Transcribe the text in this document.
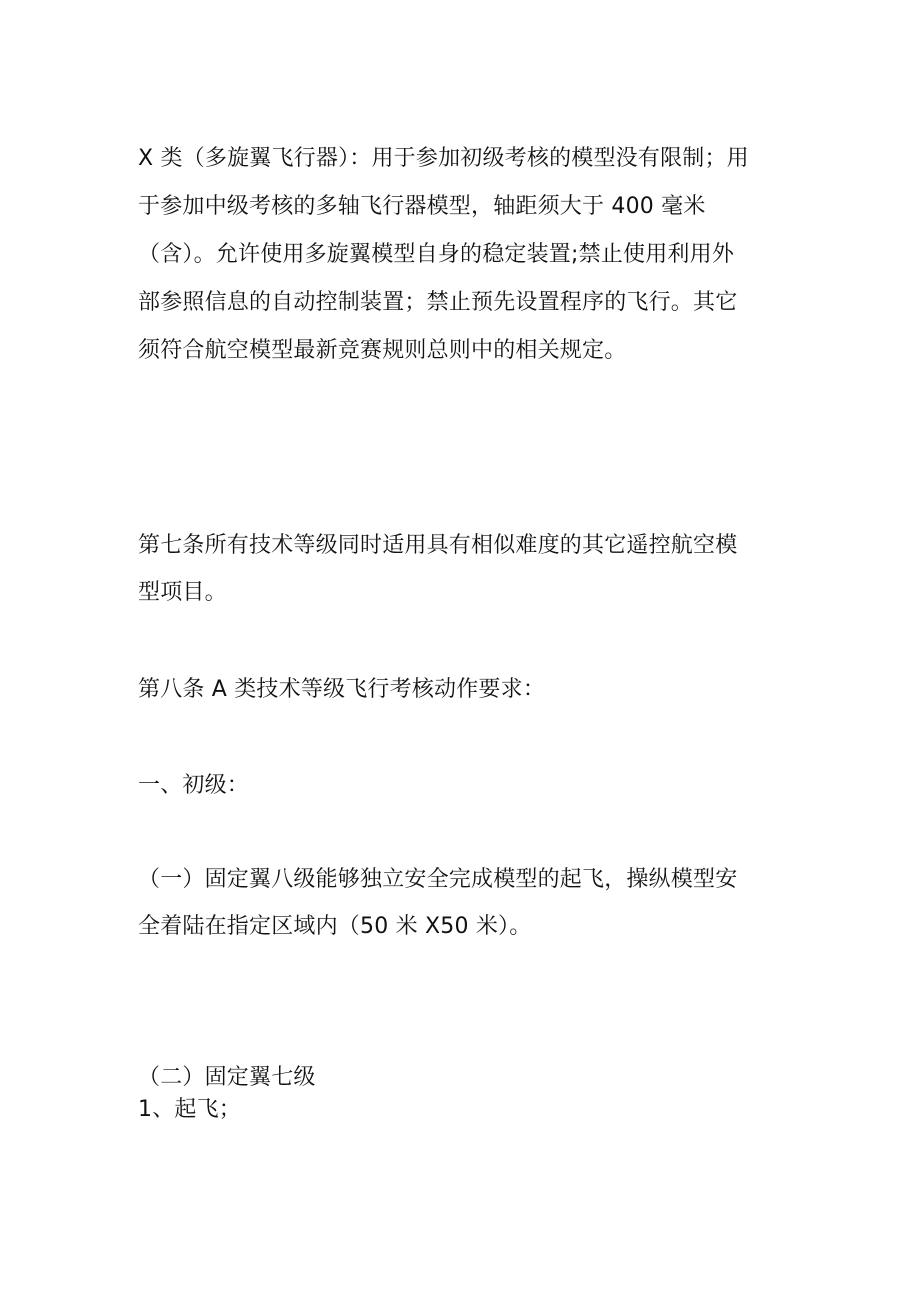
X 类（多旋翼飞行器）：用于参加初级考核的模型没有限制；用

于参加中级考核的多轴飞行器模型，轴距须大于 400 毫米

（含）。允许使用多旋翼模型自身的稳定装置;禁止使用利用外

部参照信息的自动控制装置；禁止预先设置程序的飞行。其它

须符合航空模型最新竞赛规则总则中的相关规定。

第七条所有技术等级同时适用具有相似难度的其它遥控航空模

型项目。

第八条 A 类技术等级飞行考核动作要求：

一、初级：

（一）固定翼八级能够独立安全完成模型的起飞，操纵模型安

全着陆在指定区域内（50 米 X50 米）。

（二）固定翼七级

1、起飞；
